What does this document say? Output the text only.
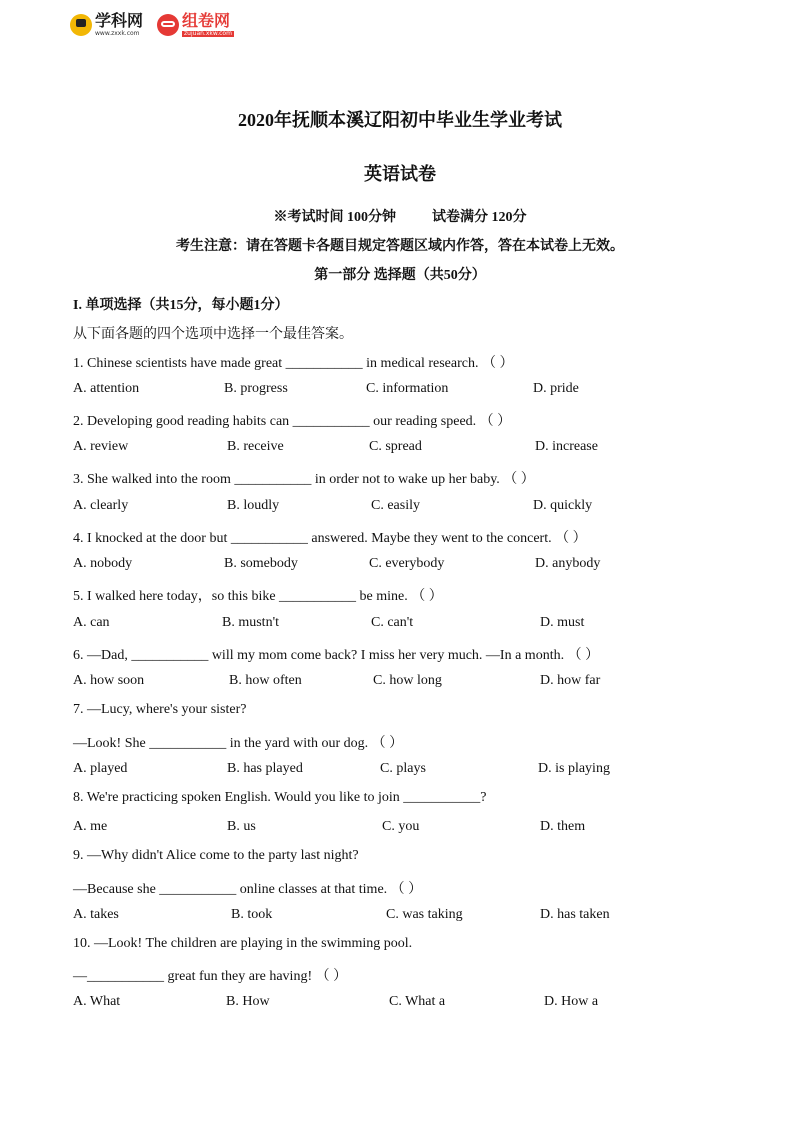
学科网
www.zxxk.com
组卷网
zujuan.xkw.com
2020年抚顺本溪辽阳初中毕业生学业考试
英语试卷
※考试时间 100分钟	试卷满分 120分
考生注意：请在答题卡各题目规定答题区域内作答，答在本试卷上无效。
第一部分 选择题（共50分）
I. 单项选择（共15分，每小题1分）
从下面各题的四个选项中选择一个最佳答案。
1. Chinese scientists have made great ___________ in medical research. （ ）
A. attention	B. progress	C. information	D. pride
2. Developing good reading habits can ___________ our reading speed. （ ）
A. review	B. receive	C. spread	D. increase
3. She walked into the room ___________ in order not to wake up her baby. （ ）
A. clearly	B. loudly	C. easily	D. quickly
4. I knocked at the door but ___________ answered. Maybe they went to the concert. （ ）
A. nobody	B. somebody	C. everybody	D. anybody
5. I walked here today，so this bike ___________ be mine. （ ）
A. can	B. mustn't	C. can't	D. must
6. —Dad, ___________ will my mom come back? I miss her very much. —In a month. （ ）
A. how soon	B. how often	C. how long	D. how far
7. —Lucy, where's your sister?
—Look! She ___________ in the yard with our dog. （ ）
A. played	B. has played	C. plays	D. is playing
8. We're practicing spoken English. Would you like to join ___________?
A. me	B. us	C. you	D. them
9. —Why didn't Alice come to the party last night?
—Because she ___________ online classes at that time. （ ）
A. takes	B. took	C. was taking	D. has taken
10. —Look! The children are playing in the swimming pool.
—___________ great fun they are having! （ ）
A. What	B. How	C. What a	D. How a
